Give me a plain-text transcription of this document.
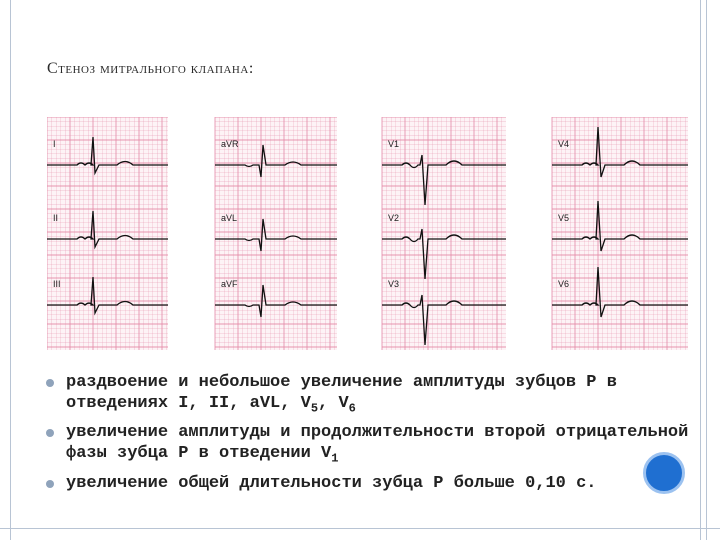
Стеноз митрального клапана:
I
II
III
aVR
aVL
aVF
V1
V2
V3
V4
V5
V6
раздвоение и небольшое увеличение амплитуды зубцов Р в отведениях I, II, aVL, $V_5$, $V_6$
увеличение амплитуды и продолжительности второй отрицательной фазы зубца Р в отведении $V_1$
увеличение общей длительности зубца Р больше 0,10 с.
